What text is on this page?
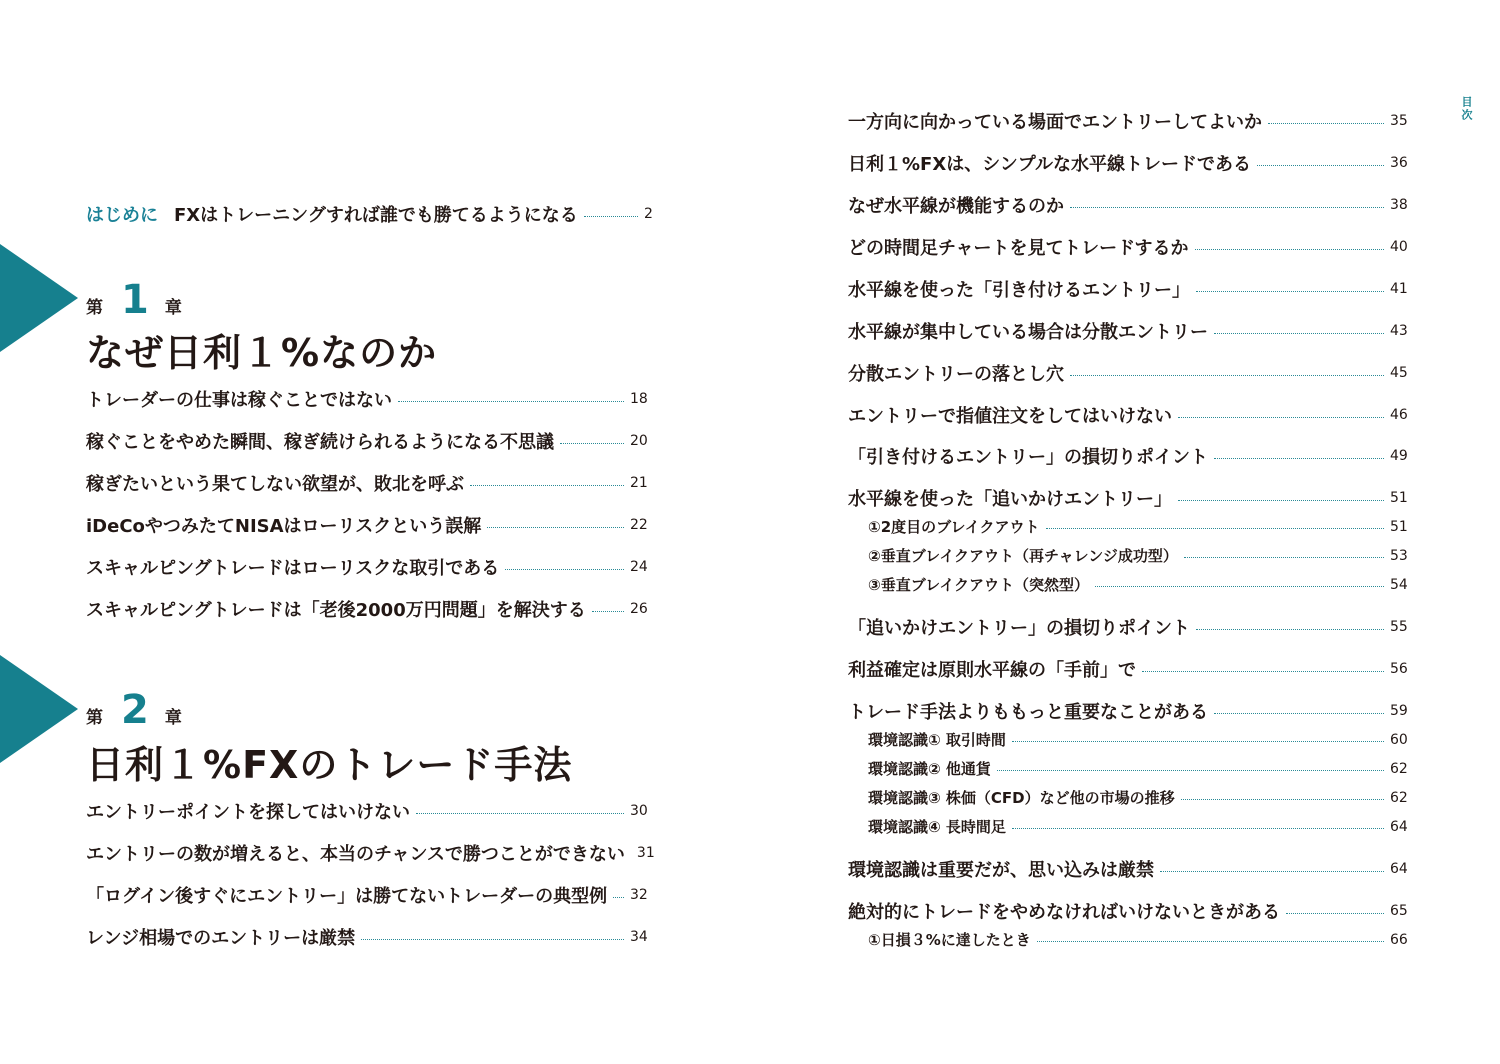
はじめに FXはトレーニングすれば誰でも勝てるようになる	2
第 1 章
なぜ日利１%なのか
トレーダーの仕事は稼ぐことではない	18
稼ぐことをやめた瞬間、稼ぎ続けられるようになる不思議	20
稼ぎたいという果てしない欲望が、敗北を呼ぶ	21
iDeCoやつみたてNISAはローリスクという誤解	22
スキャルピングトレードはローリスクな取引である	24
スキャルピングトレードは「老後2000万円問題」を解決する	26
第 2 章
日利１%FXのトレード手法
エントリーポイントを探してはいけない	30
エントリーの数が増えると、本当のチャンスで勝つことができない 31
「ログイン後すぐにエントリー」は勝てないトレーダーの典型例 32
レンジ相場でのエントリーは厳禁	34
一方向に向かっている場面でエントリーしてよいか	35
日利１%FXは、シンプルな水平線トレードである	36
なぜ水平線が機能するのか	38
どの時間足チャートを見てトレードするか	40
水平線を使った「引き付けるエントリー」	41
水平線が集中している場合は分散エントリー	43
分散エントリーの落とし穴	45
エントリーで指値注文をしてはいけない	46
「引き付けるエントリー」の損切りポイント	49
水平線を使った「追いかけエントリー」	51
①2度目のブレイクアウト	51
②垂直ブレイクアウト（再チャレンジ成功型）	53
③垂直ブレイクアウト（突然型）	54
「追いかけエントリー」の損切りポイント	55
利益確定は原則水平線の「手前」で	56
トレード手法よりももっと重要なことがある	59
環境認識① 取引時間	60
環境認識② 他通貨	62
環境認識③ 株価（CFD）など他の市場の推移	62
環境認識④ 長時間足	64
環境認識は重要だが、思い込みは厳禁	64
絶対的にトレードをやめなければいけないときがある	65
①日損３%に達したとき	66
目次
